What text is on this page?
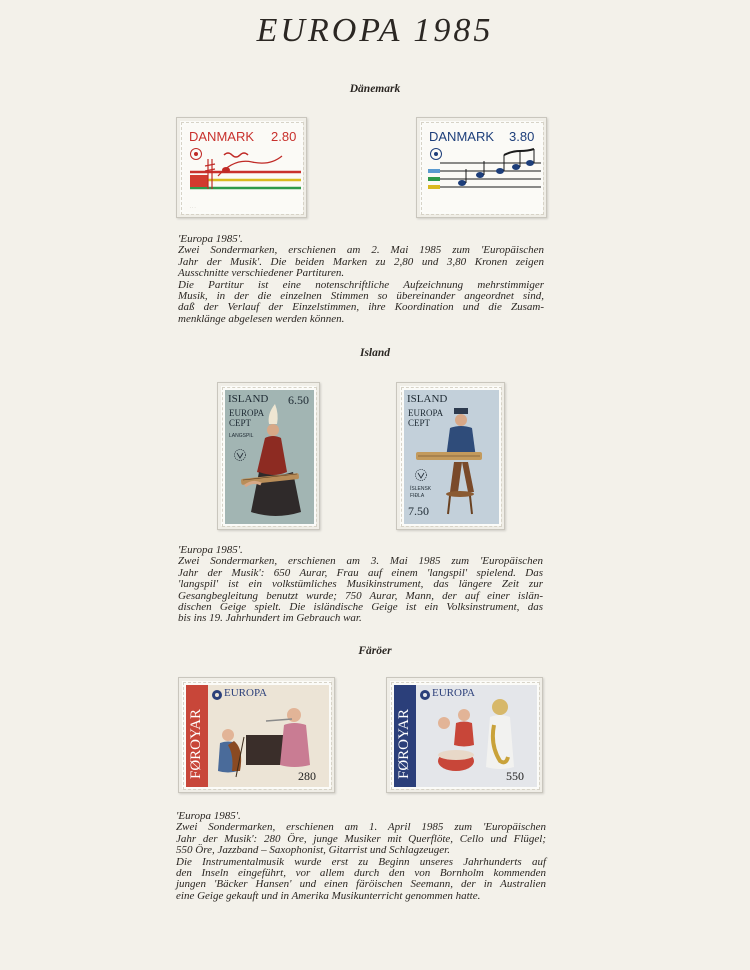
EUROPA 1985
Dänemark
· · ·
DANMARK 2.80	DANMARK 3.80
'Europa 1985'.
Zwei Sondermarken, erschienen am 2. Mai 1985 zum 'Europäischen
Jahr der Musik'. Die beiden Marken zu 2,80 und 3,80 Kronen zeigen
Ausschnitte verschiedener Partituren.
Die Partitur ist eine notenschriftliche Aufzeichnung mehrstimmiger
Musik, in der die einzelnen Stimmen so übereinander angeordnet sind,
daß der Verlauf der Einzelstimmen, ihre Koordination und die Zusam-
menklänge abgelesen werden können.
Island
ISLAND 6.50
EUROPA
CEPT
LANGSPIL
ISLAND
EUROPA
CEPT
ÍSLENSK
FIÐLA
7.50
'Europa 1985'.
Zwei Sondermarken, erschienen am 3. Mai 1985 zum 'Europäischen
Jahr der Musik': 650 Aurar, Frau auf einem 'langspil' spielend. Das
'langspil' ist ein volkstümliches Musikinstrument, das längere Zeit zur
Gesangbegleitung benutzt wurde; 750 Aurar, Mann, der auf einer islän-
dischen Geige spielt. Die isländische Geige ist ein Volksinstrument, das
bis ins 19. Jahrhundert im Gebrauch war.
Färöer
EUROPA
FØROYAR	280
EUROPA
FØROYAR	550
'Europa 1985'.
Zwei Sondermarken, erschienen am 1. April 1985 zum 'Europäischen
Jahr der Musik': 280 Öre, junge Musiker mit Querflöte, Cello und Flügel;
550 Öre, Jazzband – Saxophonist, Gitarrist und Schlagzeuger.
Die Instrumentalmusik wurde erst zu Beginn unseres Jahrhunderts auf
den Inseln eingeführt, vor allem durch den von Bornholm kommenden
jungen 'Bäcker Hansen' und einen färöischen Seemann, der in Australien
eine Geige gekauft und in Amerika Musikunterricht genommen hatte.
